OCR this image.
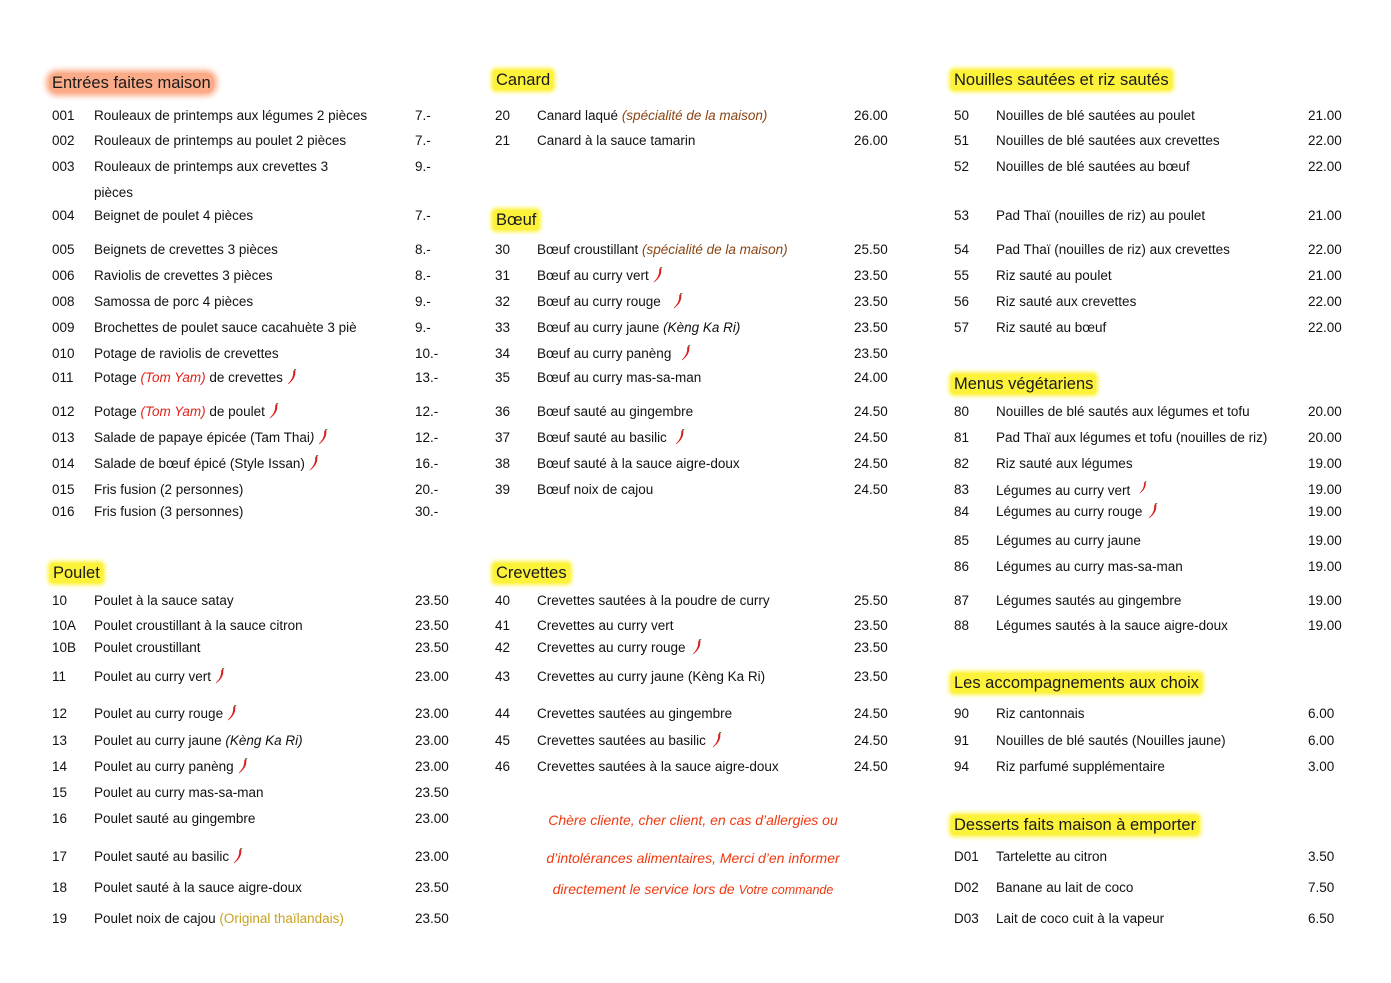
Entrées faites maison
001 Rouleaux de printemps aux légumes 2 pièces	7.-
002 Rouleaux de printemps au poulet 2 pièces	7.-
003 Rouleaux de printemps aux crevettes 3	9.-
pièces
004 Beignet de poulet 4 pièces	7.-
005 Beignets de crevettes 3 pièces	8.-
006 Raviolis de crevettes 3 pièces	8.-
008 Samossa de porc 4 pièces	9.-
009 Brochettes de poulet sauce cacahuète 3 piè	9.-
010 Potage de raviolis de crevettes	10.-
011 Potage (Tom Yam) de crevettes	13.-
012 Potage (Tom Yam) de poulet	12.-
013 Salade de papaye épicée (Tam Thai)	12.-
014 Salade de bœuf épicé (Style Issan)	16.-
015 Fris fusion (2 personnes)	20.-
016 Fris fusion (3 personnes)	30.-
Poulet
10 Poulet à la sauce satay	23.50
10A Poulet croustillant à la sauce citron	23.50
10B Poulet croustillant	23.50
11 Poulet au curry vert	23.00
12 Poulet au curry rouge	23.00
13 Poulet au curry jaune (Kèng Ka Ri)	23.00
14 Poulet au curry panèng	23.00
15 Poulet au curry mas-sa-man	23.50
16 Poulet sauté au gingembre	23.00
17 Poulet sauté au basilic	23.00
18 Poulet sauté à la sauce aigre-doux	23.50
19 Poulet noix de cajou (Original thaïlandais)	23.50
Canard
20 Canard laqué (spécialité de la maison)	26.00
21 Canard à la sauce tamarin	26.00
Bœuf
30 Bœuf croustillant (spécialité de la maison)	25.50
31 Bœuf au curry vert	23.50
32 Bœuf au curry rouge	23.50
33 Bœuf au curry jaune (Kèng Ka Ri)	23.50
34 Bœuf au curry panèng	23.50
35 Bœuf au curry mas-sa-man	24.00
36 Bœuf sauté au gingembre	24.50
37 Bœuf sauté au basilic	24.50
38 Bœuf sauté à la sauce aigre-doux	24.50
39 Bœuf noix de cajou	24.50
Crevettes
40 Crevettes sautées à la poudre de curry	25.50
41 Crevettes au curry vert	23.50
42 Crevettes au curry rouge	23.50
43 Crevettes au curry jaune (Kèng Ka Ri)	23.50
44 Crevettes sautées au gingembre	24.50
45 Crevettes sautées au basilic	24.50
46 Crevettes sautées à la sauce aigre-doux	24.50
Chère cliente, cher client, en cas d’allergies ou
d’intolérances alimentaires, Merci d’en informer
directement le service lors de Votre commande
Nouilles sautées et riz sautés
50 Nouilles de blé sautées au poulet	21.00
51 Nouilles de blé sautées aux crevettes	22.00
52 Nouilles de blé sautées au bœuf	22.00
53 Pad Thaï (nouilles de riz) au poulet	21.00
54 Pad Thaï (nouilles de riz) aux crevettes	22.00
55 Riz sauté au poulet	21.00
56 Riz sauté aux crevettes	22.00
57 Riz sauté au bœuf	22.00
Menus végétariens
80 Nouilles de blé sautés aux légumes et tofu	20.00
81 Pad Thaï aux légumes et tofu (nouilles de riz)	20.00
82 Riz sauté aux légumes	19.00
83 Légumes au curry vert	19.00
84 Légumes au curry rouge	19.00
85 Légumes au curry jaune	19.00
86 Légumes au curry mas-sa-man	19.00
87 Légumes sautés au gingembre	19.00
88 Légumes sautés à la sauce aigre-doux	19.00
Les accompagnements aux choix
90 Riz cantonnais	6.00
91 Nouilles de blé sautés (Nouilles jaune)	6.00
94 Riz parfumé supplémentaire	3.00
Desserts faits maison à emporter
D01 Tartelette au citron	3.50
D02 Banane au lait de coco	7.50
D03 Lait de coco cuit à la vapeur	6.50
